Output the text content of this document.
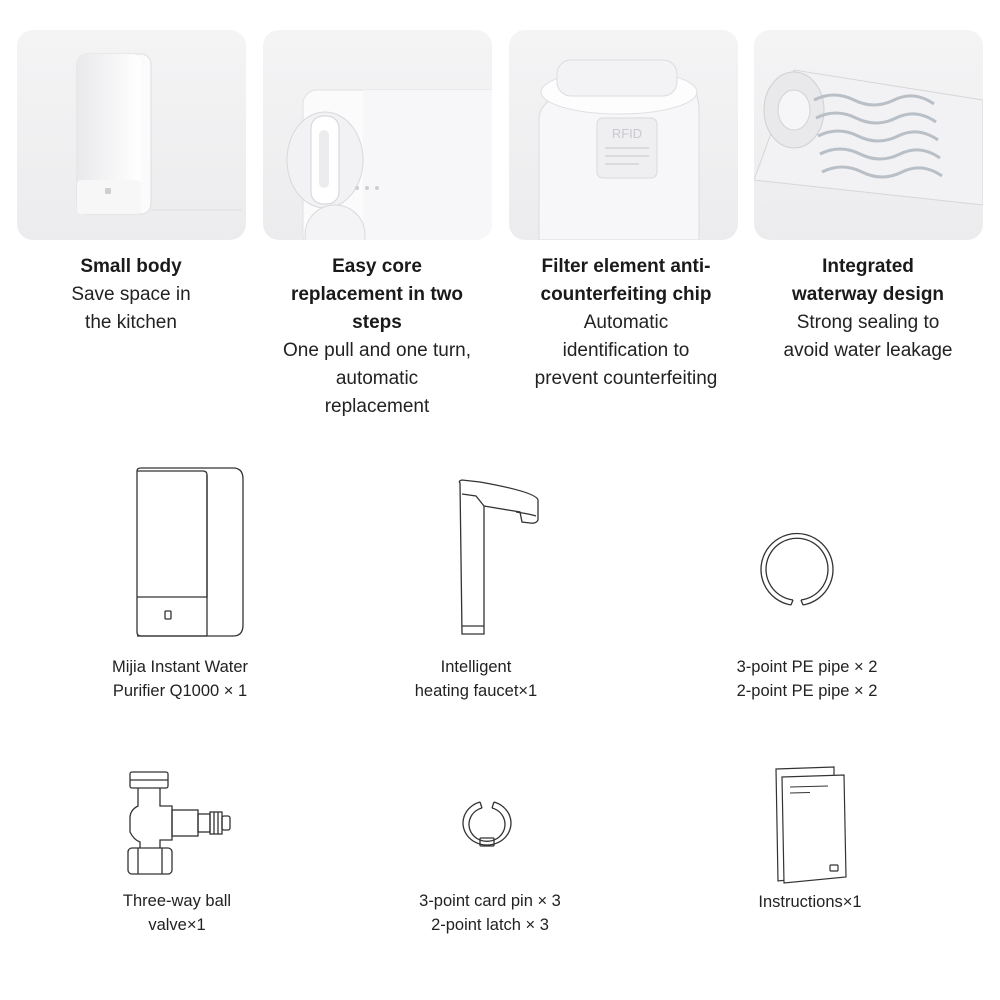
RFID
Small body
Save space in
the kitchen
Easy core
replacement in two
steps
One pull and one turn,
automatic
replacement
Filter element anti-
counterfeiting chip
Automatic
identification to
prevent counterfeiting
Integrated
waterway design
Strong sealing to
avoid water leakage
Mijia Instant Water
Purifier Q1000 × 1
Intelligent
heating faucet×1
3-point PE pipe × 2
2-point PE pipe × 2
Three-way ball
valve×1
3-point card pin × 3
2-point latch × 3
Instructions×1
